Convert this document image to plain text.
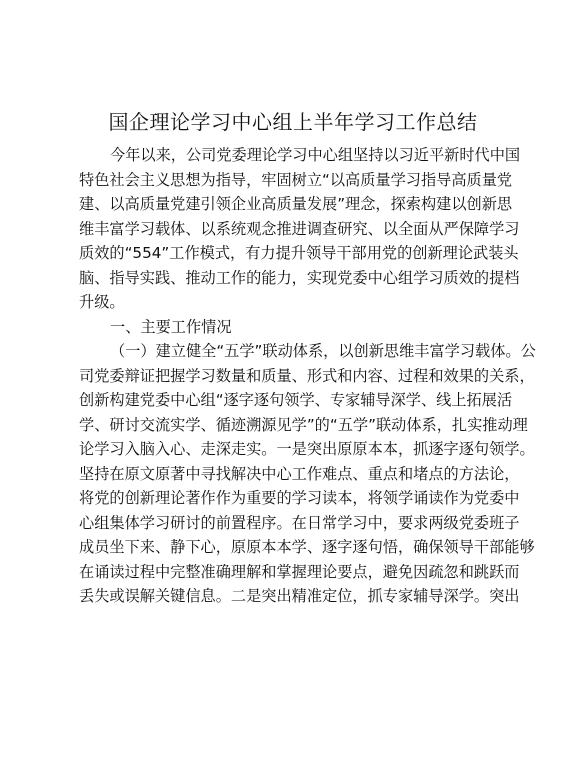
国企理论学习中心组上半年学习工作总结
今年以来，公司党委理论学习中心组坚持以习近平新时代中国
特色社会主义思想为指导，牢固树立“以高质量学习指导高质量党
建、以高质量党建引领企业高质量发展”理念，探索构建以创新思
维丰富学习载体、以系统观念推进调查研究、以全面从严保障学习
质效的“554”工作模式，有力提升领导干部用党的创新理论武装头
脑、指导实践、推动工作的能力，实现党委中心组学习质效的提档
升级。
一、主要工作情况
（一）建立健全“五学”联动体系，以创新思维丰富学习载体。公
司党委辩证把握学习数量和质量、形式和内容、过程和效果的关系，
创新构建党委中心组“逐字逐句领学、专家辅导深学、线上拓展活
学、研讨交流实学、循迹溯源见学”的“五学”联动体系，扎实推动理
论学习入脑入心、走深走实。一是突出原原本本，抓逐字逐句领学。
坚持在原文原著中寻找解决中心工作难点、重点和堵点的方法论，
将党的创新理论著作作为重要的学习读本，将领学诵读作为党委中
心组集体学习研讨的前置程序。在日常学习中，要求两级党委班子
成员坐下来、静下心，原原本本学、逐字逐句悟，确保领导干部能够
在诵读过程中完整准确理解和掌握理论要点，避免因疏忽和跳跃而
丢失或误解关键信息。二是突出精准定位，抓专家辅导深学。突出
